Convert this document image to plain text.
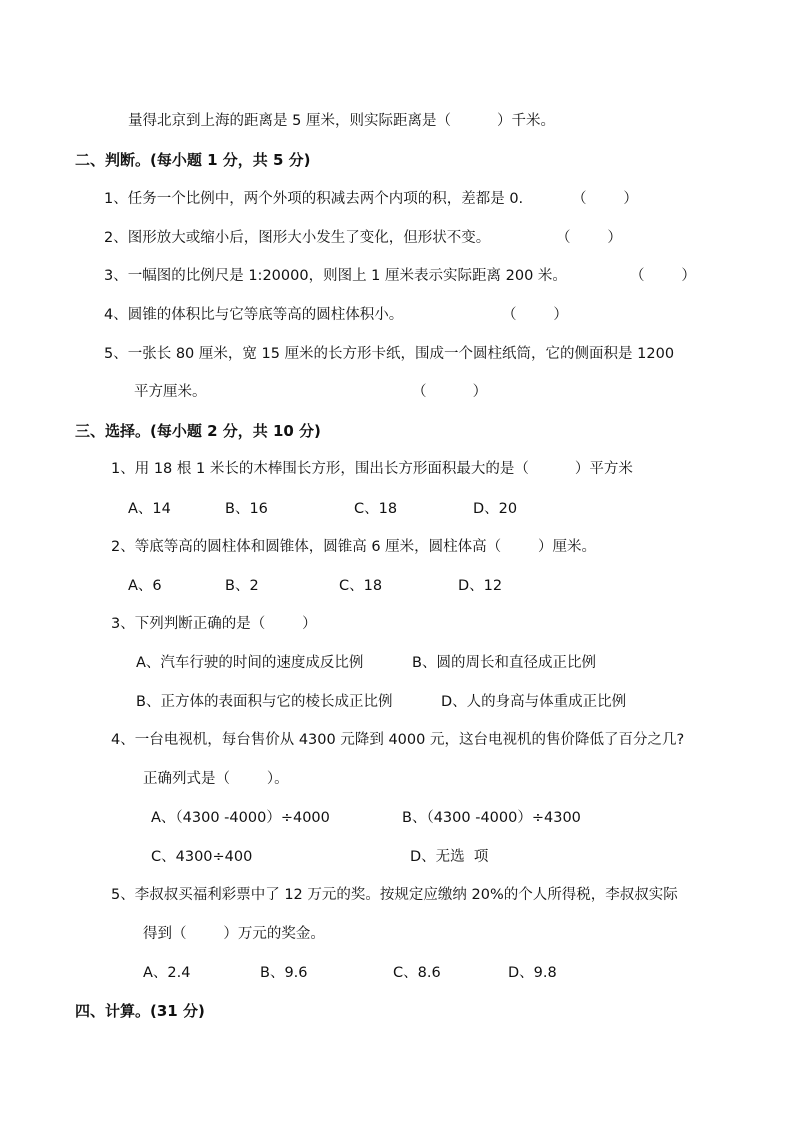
量得北京到上海的距离是 5 厘米，则实际距离是（          ）千米。
二、判断。(每小题 1 分，共 5 分)
1、任务一个比例中，两个外项的积减去两个内项的积，差都是 0.	（        ）
2、图形放大或缩小后，图形大小发生了变化，但形状不变。	（        ）
3、一幅图的比例尺是 1:20000，则图上 1 厘米表示实际距离 200 米。	（        ）
4、圆锥的体积比与它等底等高的圆柱体积小。	（        ）
5、一张长 80 厘米，宽 15 厘米的长方形卡纸，围成一个圆柱纸筒，它的侧面积是 1200
平方厘米。	（          ）
三、选择。(每小题 2 分，共 10 分)
1、用 18 根 1 米长的木棒围长方形，围出长方形面积最大的是（          ）平方米
A、14	B、16	C、18	D、20
2、等底等高的圆柱体和圆锥体，圆锥高 6 厘米，圆柱体高（        ）厘米。
A、6	B、2	C、18	D、12
3、下列判断正确的是（        ）
A、汽车行驶的时间的速度成反比例	B、圆的周长和直径成正比例
B、正方体的表面积与它的棱长成正比例	D、人的身高与体重成正比例
4、一台电视机，每台售价从 4300 元降到 4000 元，这台电视机的售价降低了百分之几?
正确列式是（        ）。
A、（4300 -4000）÷4000	B、（4300 -4000）÷4300
C、4300÷400	D、无选  项
5、李叔叔买福利彩票中了 12 万元的奖。按规定应缴纳 20%的个人所得税，李叔叔实际
得到（        ）万元的奖金。
A、2.4	B、9.6	C、8.6	D、9.8
四、计算。(31 分)
